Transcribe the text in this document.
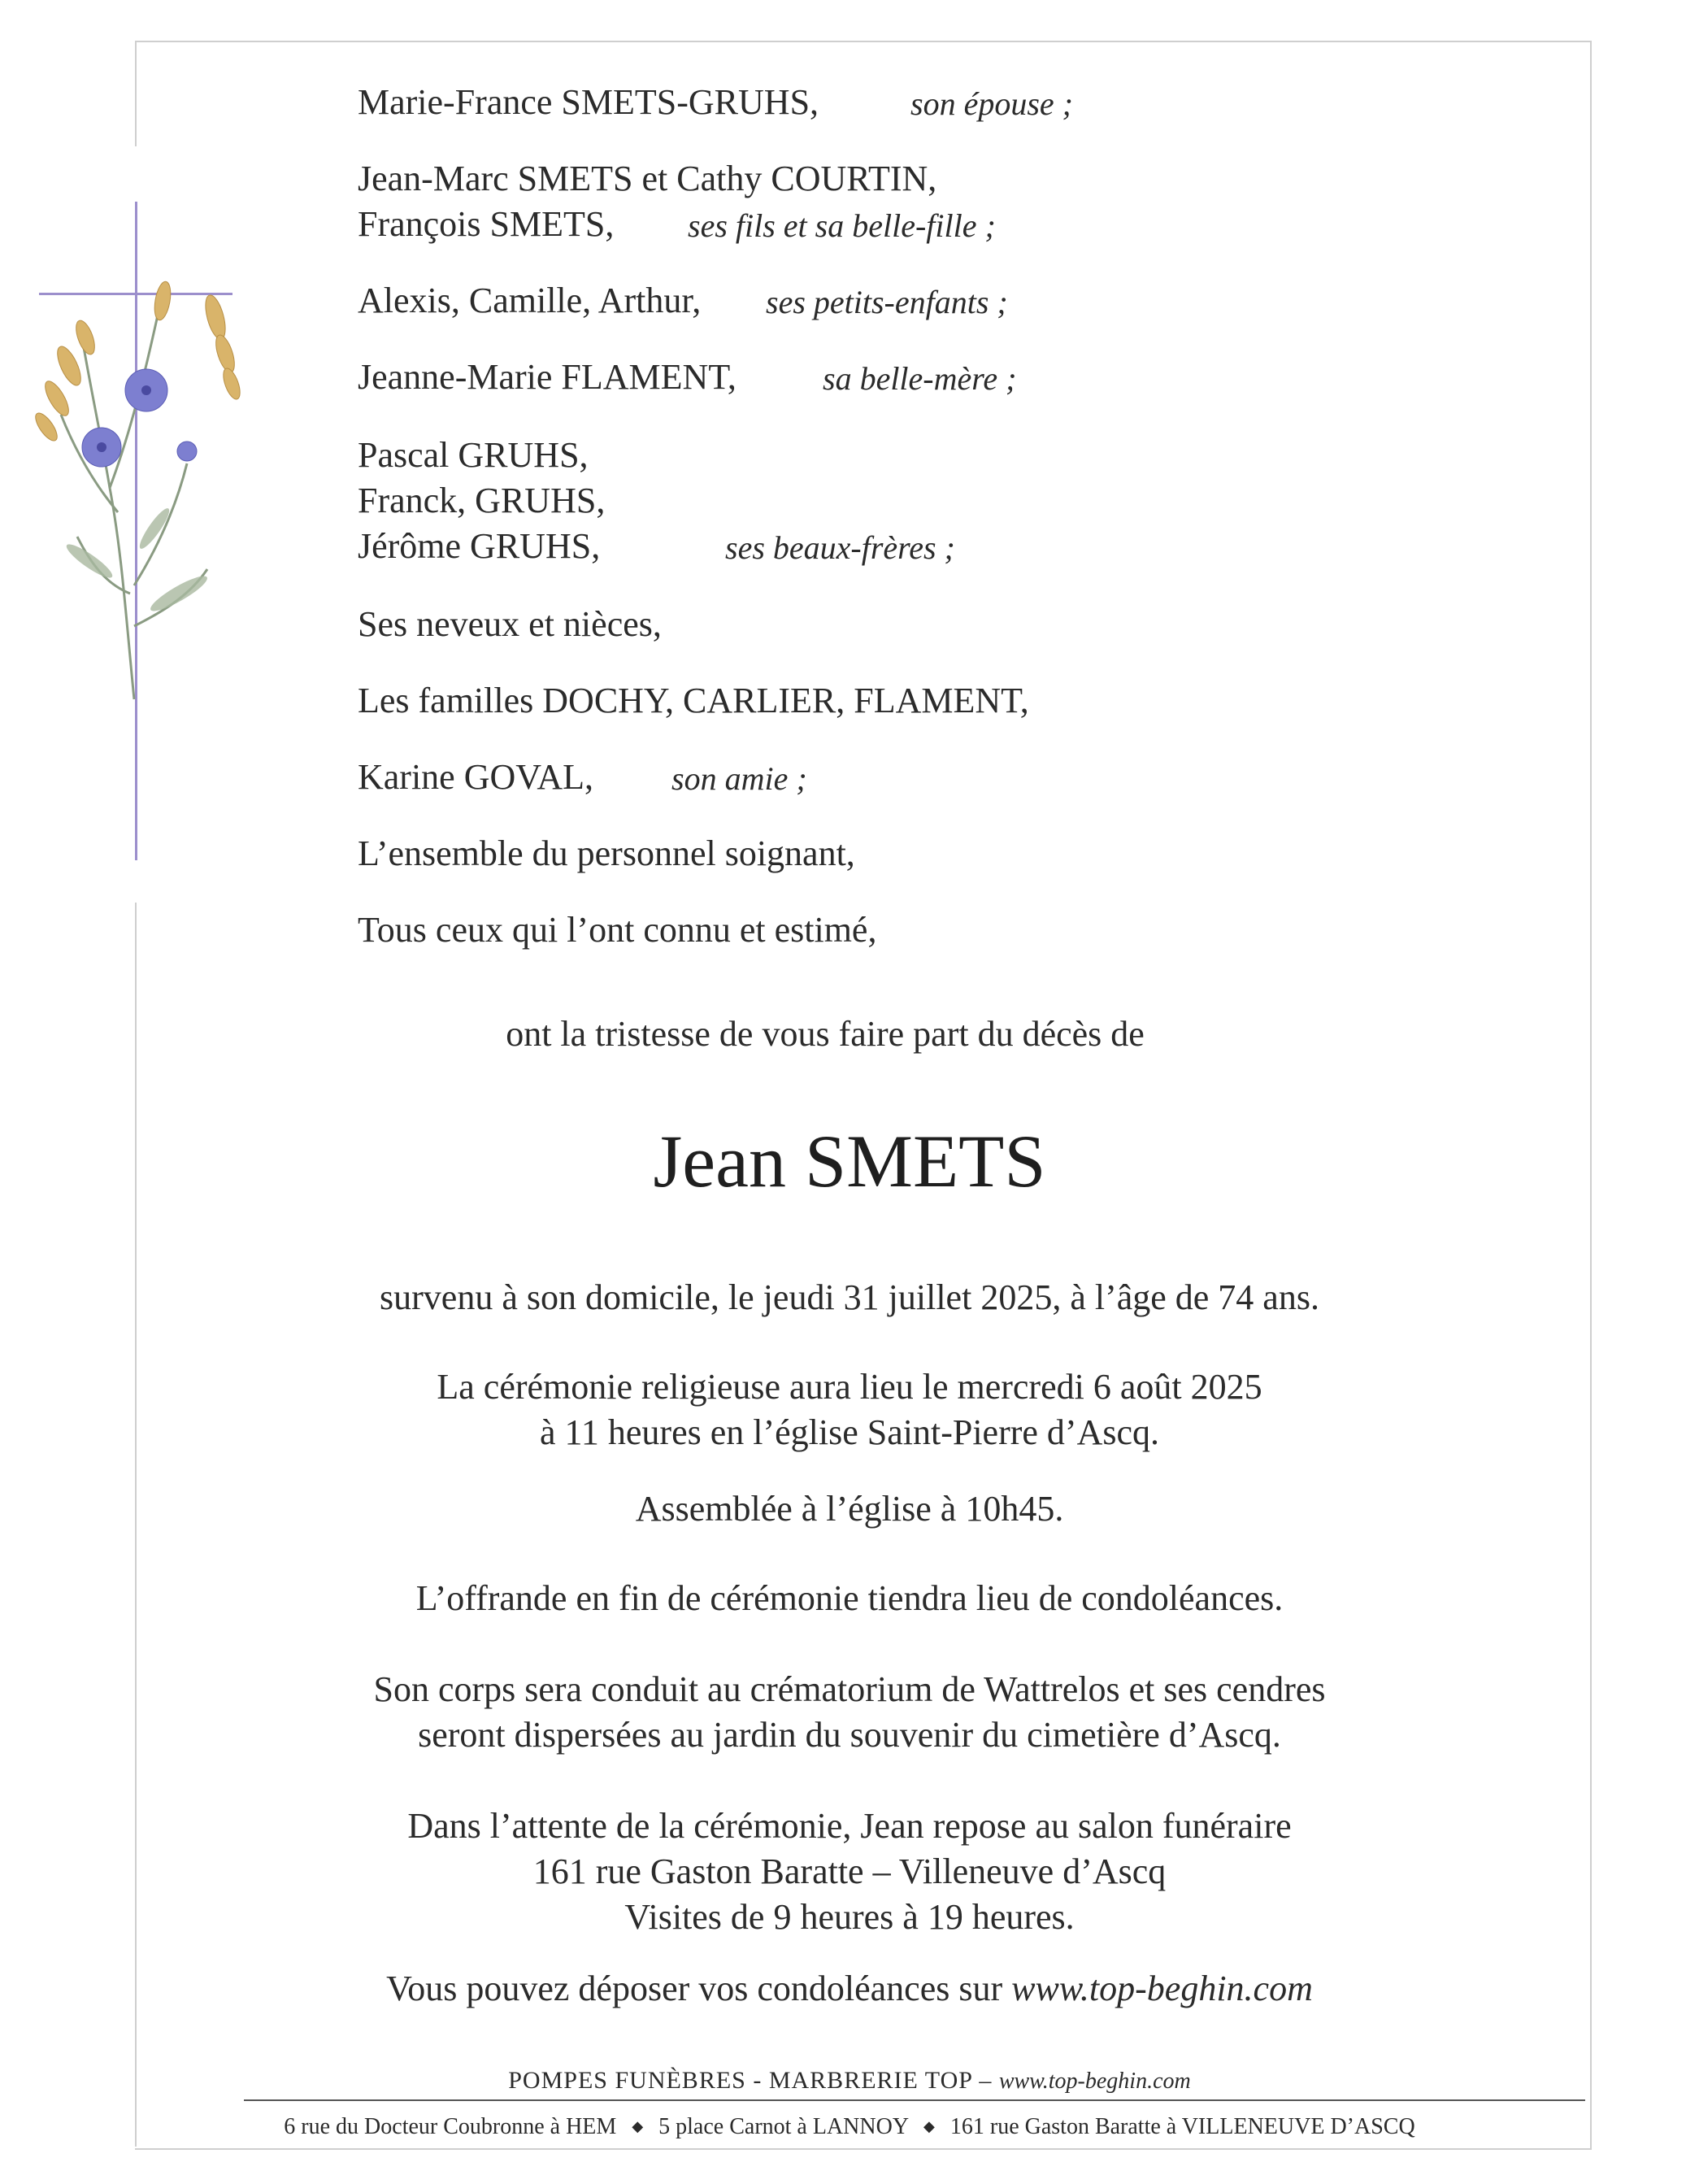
Marie-France SMETS-GRUHS,	son épouse ;
Jean-Marc SMETS et Cathy COURTIN,
François SMETS, ses fils et sa belle-fille ;
Alexis, Camille, Arthur, ses petits-enfants ;
Jeanne-Marie FLAMENT,	sa belle-mère ;
Pascal GRUHS,
Franck, GRUHS,
Jérôme GRUHS,	ses beaux-frères ;
Ses neveux et nièces,
Les familles DOCHY, CARLIER, FLAMENT,
Karine GOVAL, son amie ;
L’ensemble du personnel soignant,
Tous ceux qui l’ont connu et estimé,
ont la tristesse de vous faire part du décès de
Jean SMETS
survenu à son domicile, le jeudi 31 juillet 2025, à l’âge de 74 ans.
La cérémonie religieuse aura lieu le mercredi 6 août 2025
à 11 heures en l’église Saint-Pierre d’Ascq.
Assemblée à l’église à 10h45.
L’offrande en fin de cérémonie tiendra lieu de condoléances.
Son corps sera conduit au crématorium de Wattrelos et ses cendres
seront dispersées au jardin du souvenir du cimetière d’Ascq.
Dans l’attente de la cérémonie, Jean repose au salon funéraire
161 rue Gaston Baratte – Villeneuve d’Ascq
Visites de 9 heures à 19 heures.
Vous pouvez déposer vos condoléances sur www.top-beghin.com
POMPES FUNÈBRES - MARBRERIE TOP – www.top-beghin.com
6 rue du Docteur Coubronne à HEM ◆ 5 place Carnot à LANNOY ◆ 161 rue Gaston Baratte à VILLENEUVE D’ASCQ
